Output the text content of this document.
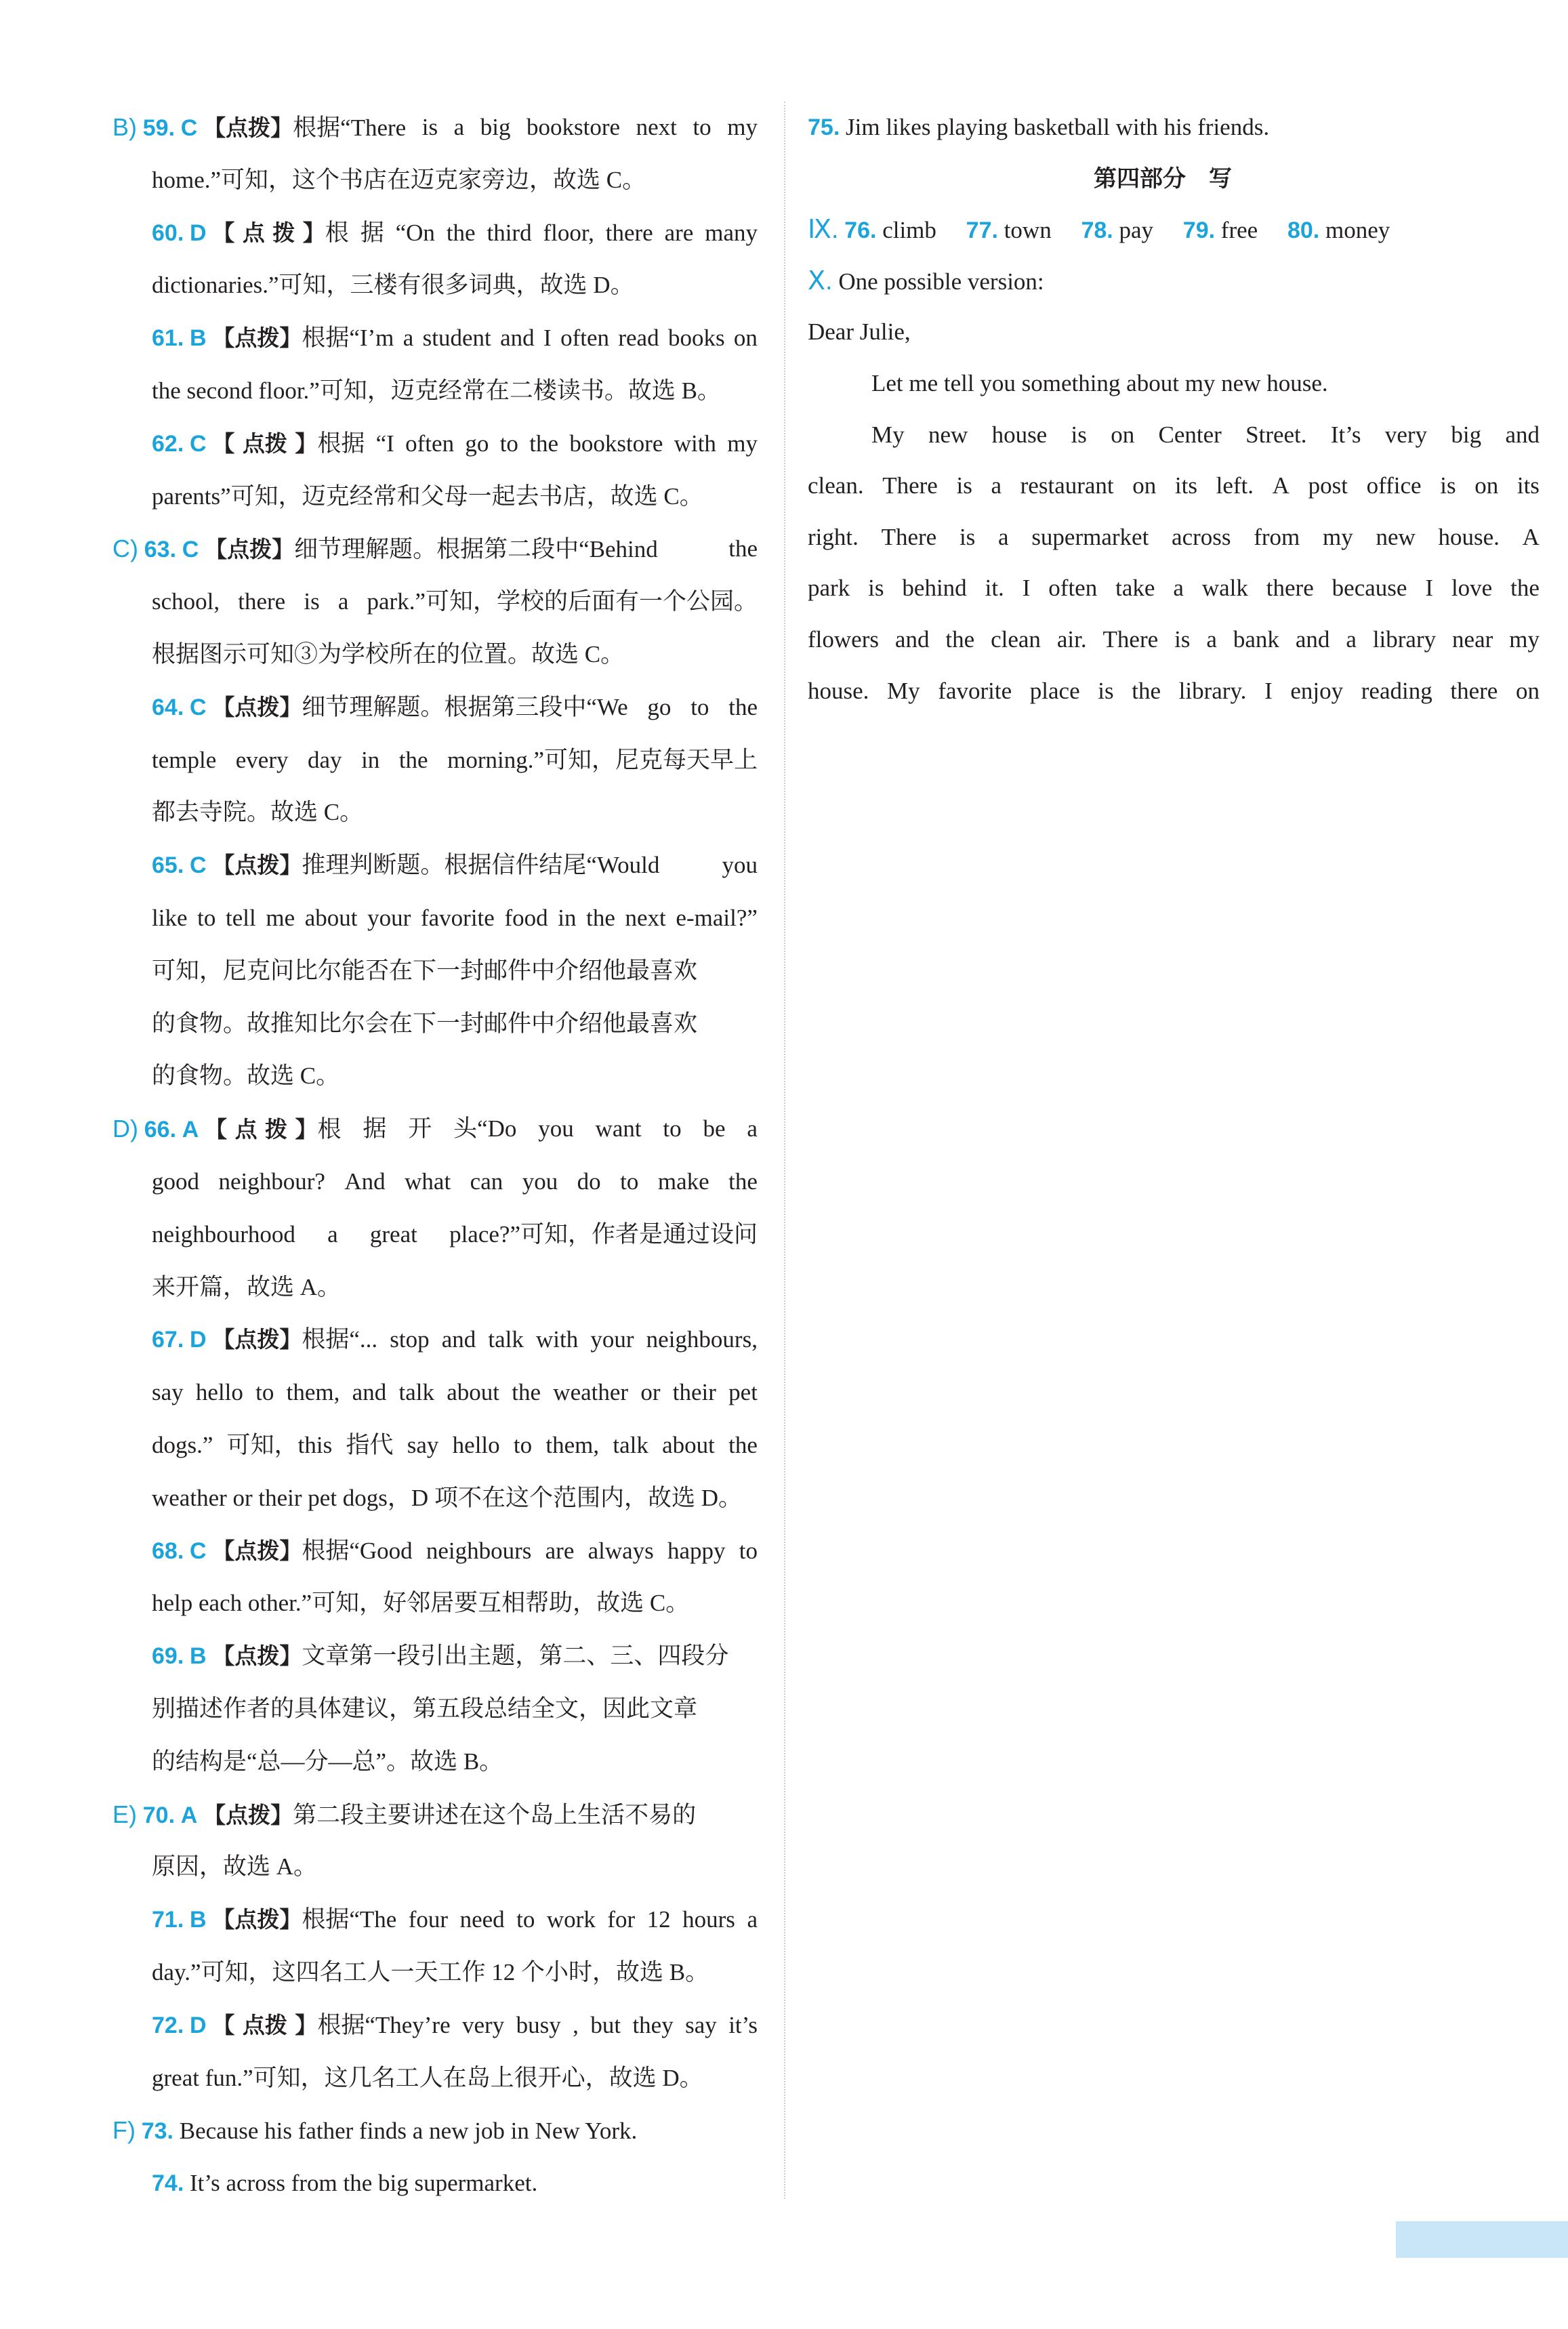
B) 59. C 【点拨】根据“There is a big bookstore next to my
home.”可知，这个书店在迈克家旁边，故选 C。
60. D 【 点 拨 】根 据 “On the third floor, there are many
dictionaries.”可知，三楼有很多词典，故选 D。
61. B 【点拨】根据“I’m a student and I often read books on
the second floor.”可知，迈克经常在二楼读书。故选 B。
62. C 【 点拨 】根据 “I often go to the bookstore with my
parents”可知，迈克经常和父母一起去书店，故选 C。
C) 63. C 【点拨】细节理解题。根据第二段中“Behind	the
school, there is a park.”可知，学校的后面有一个公园。
根据图示可知③为学校所在的位置。故选 C。
64. C 【点拨】细节理解题。根据第三段中“We go to the
temple every day in the morning.”可知，尼克每天早上
都去寺院。故选 C。
65. C 【点拨】推理判断题。根据信件结尾“Would	you
like to tell me about your favorite food in the next e-mail?”
可知，尼克问比尔能否在下一封邮件中介绍他最喜欢
的食物。故推知比尔会在下一封邮件中介绍他最喜欢
的食物。故选 C。
D) 66. A 【 点 拨 】根 据 开 头“Do you want to be a
good neighbour? And what can you do to make the
neighbourhood a great place?”可知，作者是通过设问
来开篇，故选 A。
67. D 【点拨】根据“... stop and talk with your neighbours,
say hello to them, and talk about the weather or their pet
dogs.” 可知，this 指代 say hello to them, talk about the
weather or their pet dogs，D 项不在这个范围内，故选 D。
68. C 【点拨】根据“Good neighbours are always happy to
help each other.”可知，好邻居要互相帮助，故选 C。
69. B 【点拨】文章第一段引出主题，第二、三、四段分
别描述作者的具体建议，第五段总结全文，因此文章
的结构是“总—分—总”。故选 B。
E) 70. A 【点拨】第二段主要讲述在这个岛上生活不易的
原因，故选 A。
71. B 【点拨】根据“The four need to work for 12 hours a
day.”可知，这四名工人一天工作 12 个小时，故选 B。
72. D 【 点拨 】根据“They’re very busy , but they say it’s
great fun.”可知，这几名工人在岛上很开心，故选 D。
F) 73. Because his father finds a new job in New York.
74. It’s across from the big supermarket.
75. Jim likes playing basketball with his friends.
第四部分　写
Ⅸ. 76. climb　 77. town　 78. pay　 79. free　 80. money
Ⅹ. One possible version:
Dear Julie,
Let me tell you something about my new house.
My new house is on Center Street. It’s very big and
clean. There is a restaurant on its left. A post office is on its
right. There is a supermarket across from my new house. A
park is behind it. I often take a walk there because I love the
flowers and the clean air. There is a bank and a library near my
house. My favorite place is the library. I enjoy reading there on
